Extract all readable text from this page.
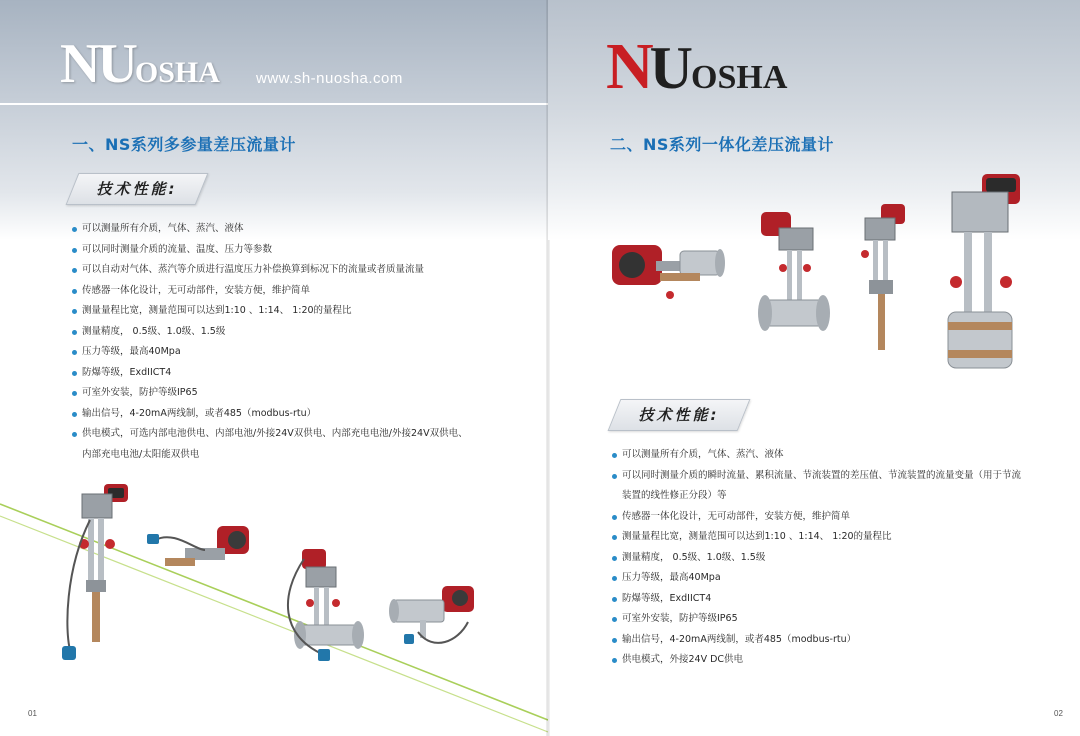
NUOSHA www.sh-nuosha.com
一、NS系列多参量差压流量计
技术性能:
可以测量所有介质，气体、蒸汽、液体
可以同时测量介质的流量、温度、压力等参数
可以自动对气体、蒸汽等介质进行温度压力补偿换算到标况下的流量或者质量流量
传感器一体化设计，无可动部件，安装方便，维护简单
测量量程比宽，测量范围可以达到1:10 、1:14、 1:20的量程比
测量精度， 0.5级、1.0级、1.5级
压力等级，最高40Mpa
防爆等级，ExdIICT4
可室外安装，防护等级IP65
输出信号，4-20mA两线制，或者485（modbus-rtu）
供电模式，可选内部电池供电、内部电池/外接24V双供电、内部充电电池/外接24V双供电、
内部充电电池/太阳能双供电
01
NUOSHA
二、NS系列一体化差压流量计
技术性能:
可以测量所有介质，气体、蒸汽、液体
可以同时测量介质的瞬时流量、累积流量、节流装置的差压值、节流装置的流量变量（用于节流
装置的线性修正分段）等
传感器一体化设计，无可动部件，安装方便，维护简单
测量量程比宽，测量范围可以达到1:10 、1:14、 1:20的量程比
测量精度， 0.5级、1.0级、1.5级
压力等级，最高40Mpa
防爆等级，ExdIICT4
可室外安装，防护等级IP65
输出信号，4-20mA两线制，或者485（modbus-rtu）
供电模式，外接24V DC供电
02
